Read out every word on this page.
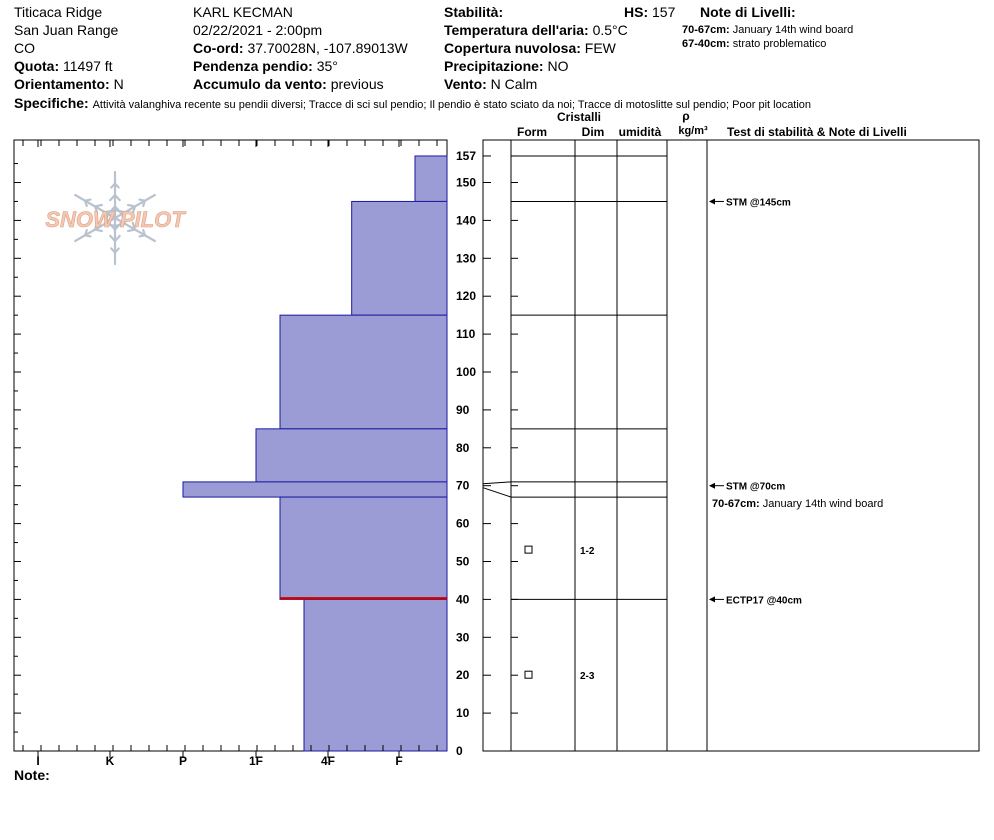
Titicaca Ridge
San Juan Range
CO
Quota: 11497 ft
Orientamento: N
KARL KECMAN
02/22/2021 - 2:00pm
Co-ord: 37.70028N, -107.89013W
Pendenza pendio: 35°
Accumulo da vento: previous
Stabilità:	HS: 157
Temperatura dell'aria: 0.5°C
Copertura nuvolosa: FEW
Precipitazione: NO
Vento: N Calm
Note di Livelli:
70-67cm: January 14th wind board
67-40cm: strato problematico
Specifiche: Attività valanghiva recente su pendii diversi; Tracce di sci sul pendio; Il pendio è stato sciato da noi; Tracce di motoslitte sul pendio; Poor pit location
Note:
SNOW PILOT
I	K	P	1F	4F	F
0
10
20
30
40
50
60
70
80
90
100
110
120
130
140
150
157
1-2
2-3
STM @145cm
STM @70cm
ECTP17 @40cm
70-67cm: January 14th wind board
Cristalli
Form	Dim umidità
ρ
kg/m³ Test di stabilità & Note di Livelli
